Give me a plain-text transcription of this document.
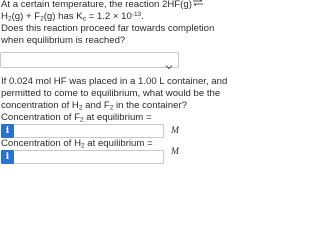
At a certain temperature, the reaction 2HF(g)

$H_2(g) + F_2(g)$ has $K_c = 1.2 \times 10^{-13}$.

Does this reaction proceed far towards completion

when equilibrium is reached?

If 0.024 mol HF was placed in a 1.00 L container, and

permitted to come to equilibrium, what would be the

concentration of $H_2$ and $F_2$ in the container?

Concentration of $F_2$ at equilibrium =

i	M

Concentration of $H_2$ at equilibrium =

i	M
